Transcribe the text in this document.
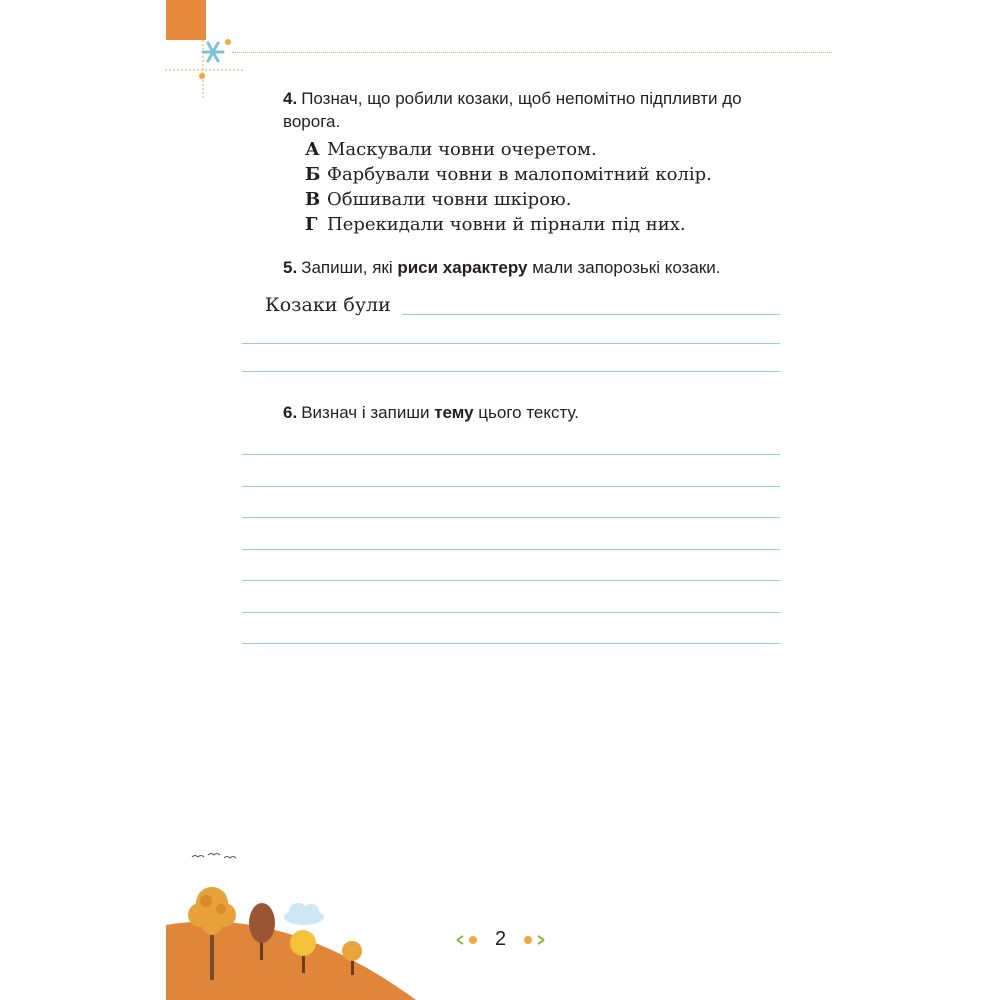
4. Познач, що робили козаки, щоб непомітно підпливти до ворога.
А Маскували човни очеретом.
Б Фарбували човни в малопомітний колір.
В Обшивали човни шкірою.
Г Перекидали човни й пірнали під них.
5. Запиши, які риси характеру мали запорозькі козаки.
Козаки були
6. Визнач і запиши тему цього тексту.
2
